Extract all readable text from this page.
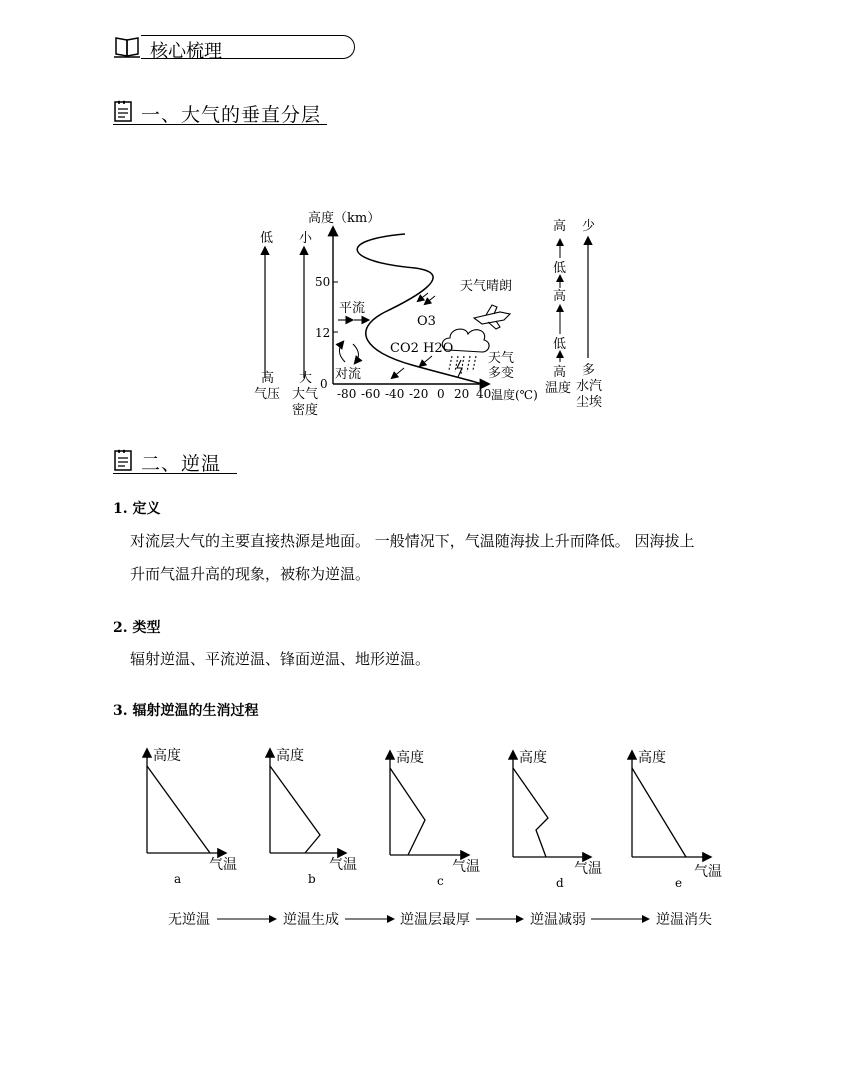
核心梳理
一、大气的垂直分层
低
高
气压
小
大
大气
密度
高度（km）
50
12
0
-80 -60 -40 -20 0 20 40 温度(℃)
平流
对流
O3
CO2 H2O
天气晴朗
天气
多变
高
低
高
低
高
温度
少
多
水汽
尘埃
二、逆温
1. 定义
对流层大气的主要直接热源是地面。 一般情况下，气温随海拔上升而降低。 因海拔上
升而气温升高的现象，被称为逆温。
2. 类型
辐射逆温、平流逆温、锋面逆温、地形逆温。
3. 辐射逆温的生消过程
高度
气温
a
高度
气温
b
高度
气温
c
高度
气温
d
高度
气温
e
无逆温	逆温生成	逆温层最厚	逆温减弱	逆温消失
